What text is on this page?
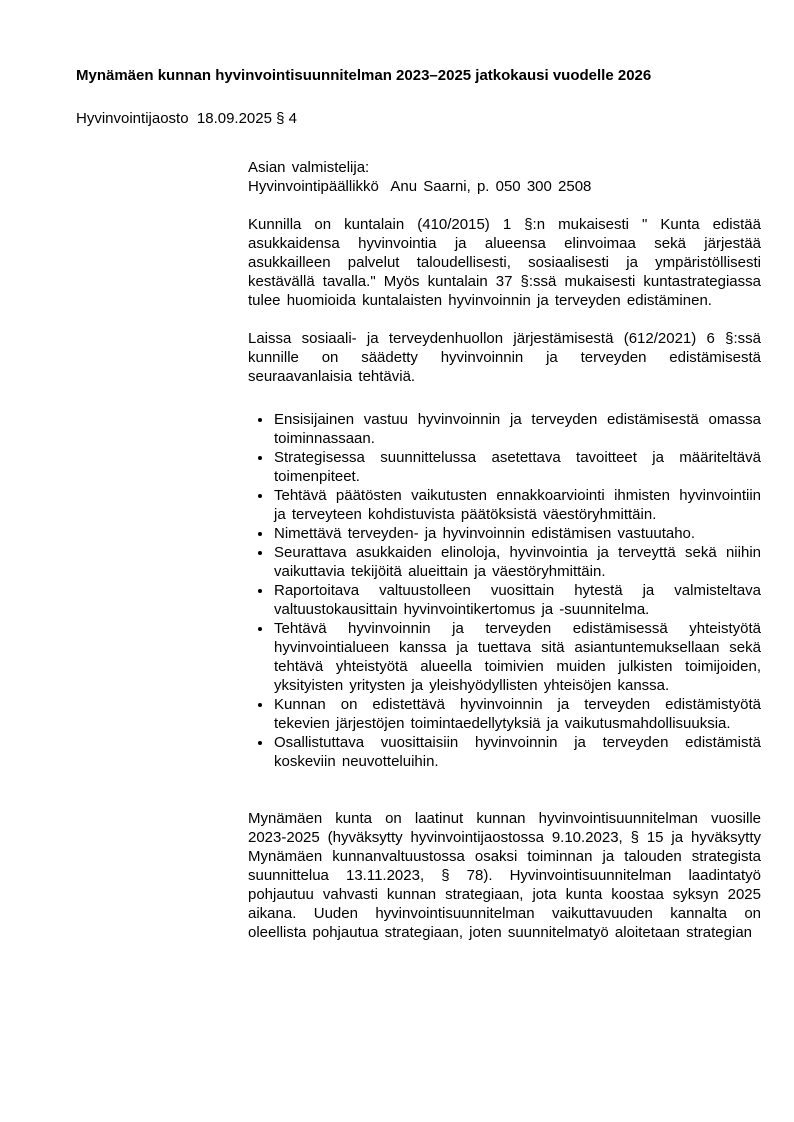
Mynämäen kunnan hyvinvointisuunnitelman 2023–2025 jatkokausi vuodelle 2026
Hyvinvointijaosto  18.09.2025 § 4

Asian valmistelija:

Hyvinvointipäällikkö  Anu Saarni, p. 050 300 2508

Kunnilla on kuntalain (410/2015) 1 §:n mukaisesti " Kunta edistää asukkaidensa hyvinvointia ja alueensa elinvoimaa sekä järjestää asukkailleen palvelut taloudellisesti, sosiaalisesti ja ympäristöllisesti kestävällä tavalla." Myös kuntalain 37 §:ssä mukaisesti kuntastrategiassa tulee huomioida kuntalaisten hyvinvoinnin ja terveyden edistäminen.

Laissa sosiaali- ja terveydenhuollon järjestämisestä (612/2021) 6 §:ssä kunnille on säädetty hyvinvoinnin ja terveyden edistämisestä seuraavanlaisia tehtäviä.

• Ensisijainen vastuu hyvinvoinnin ja terveyden edistämisestä omassa toiminnassaan.
• Strategisessa suunnittelussa asetettava tavoitteet ja määriteltävä toimenpiteet.
• Tehtävä päätösten vaikutusten ennakkoarviointi ihmisten hyvinvointiin ja terveyteen kohdistuvista päätöksistä väestöryhmittäin.
• Nimettävä terveyden- ja hyvinvoinnin edistämisen vastuutaho.
• Seurattava asukkaiden elinoloja, hyvinvointia ja terveyttä sekä niihin vaikuttavia tekijöitä alueittain ja väestöryhmittäin.
• Raportoitava valtuustolleen vuosittain hytestä ja valmisteltava valtuustokausittain hyvinvointikertomus ja -suunnitelma.
• Tehtävä hyvinvoinnin ja terveyden edistämisessä yhteistyötä hyvinvointialueen kanssa ja tuettava sitä asiantuntemuksellaan sekä tehtävä yhteistyötä alueella toimivien muiden julkisten toimijoiden, yksityisten yritysten ja yleishyödyllisten yhteisöjen kanssa.
• Kunnan on edistettävä hyvinvoinnin ja terveyden edistämistyötä tekevien järjestöjen toimintaedellytyksiä ja vaikutusmahdollisuuksia.
• Osallistuttava vuosittaisiin hyvinvoinnin ja terveyden edistämistä koskeviin neuvotteluihin.

Mynämäen kunta on laatinut kunnan hyvinvointisuunnitelman vuosille 2023-2025 (hyväksytty hyvinvointijaostossa 9.10.2023, § 15 ja hyväksytty Mynämäen kunnanvaltuustossa osaksi toiminnan ja talouden strategista suunnittelua 13.11.2023, § 78). Hyvinvointisuunnitelman laadintatyö pohjautuu vahvasti kunnan strategiaan, jota kunta koostaa syksyn 2025 aikana. Uuden hyvinvointisuunnitelman vaikuttavuuden kannalta on oleellista pohjautua strategiaan, joten suunnitelmatyö aloitetaan strategian
